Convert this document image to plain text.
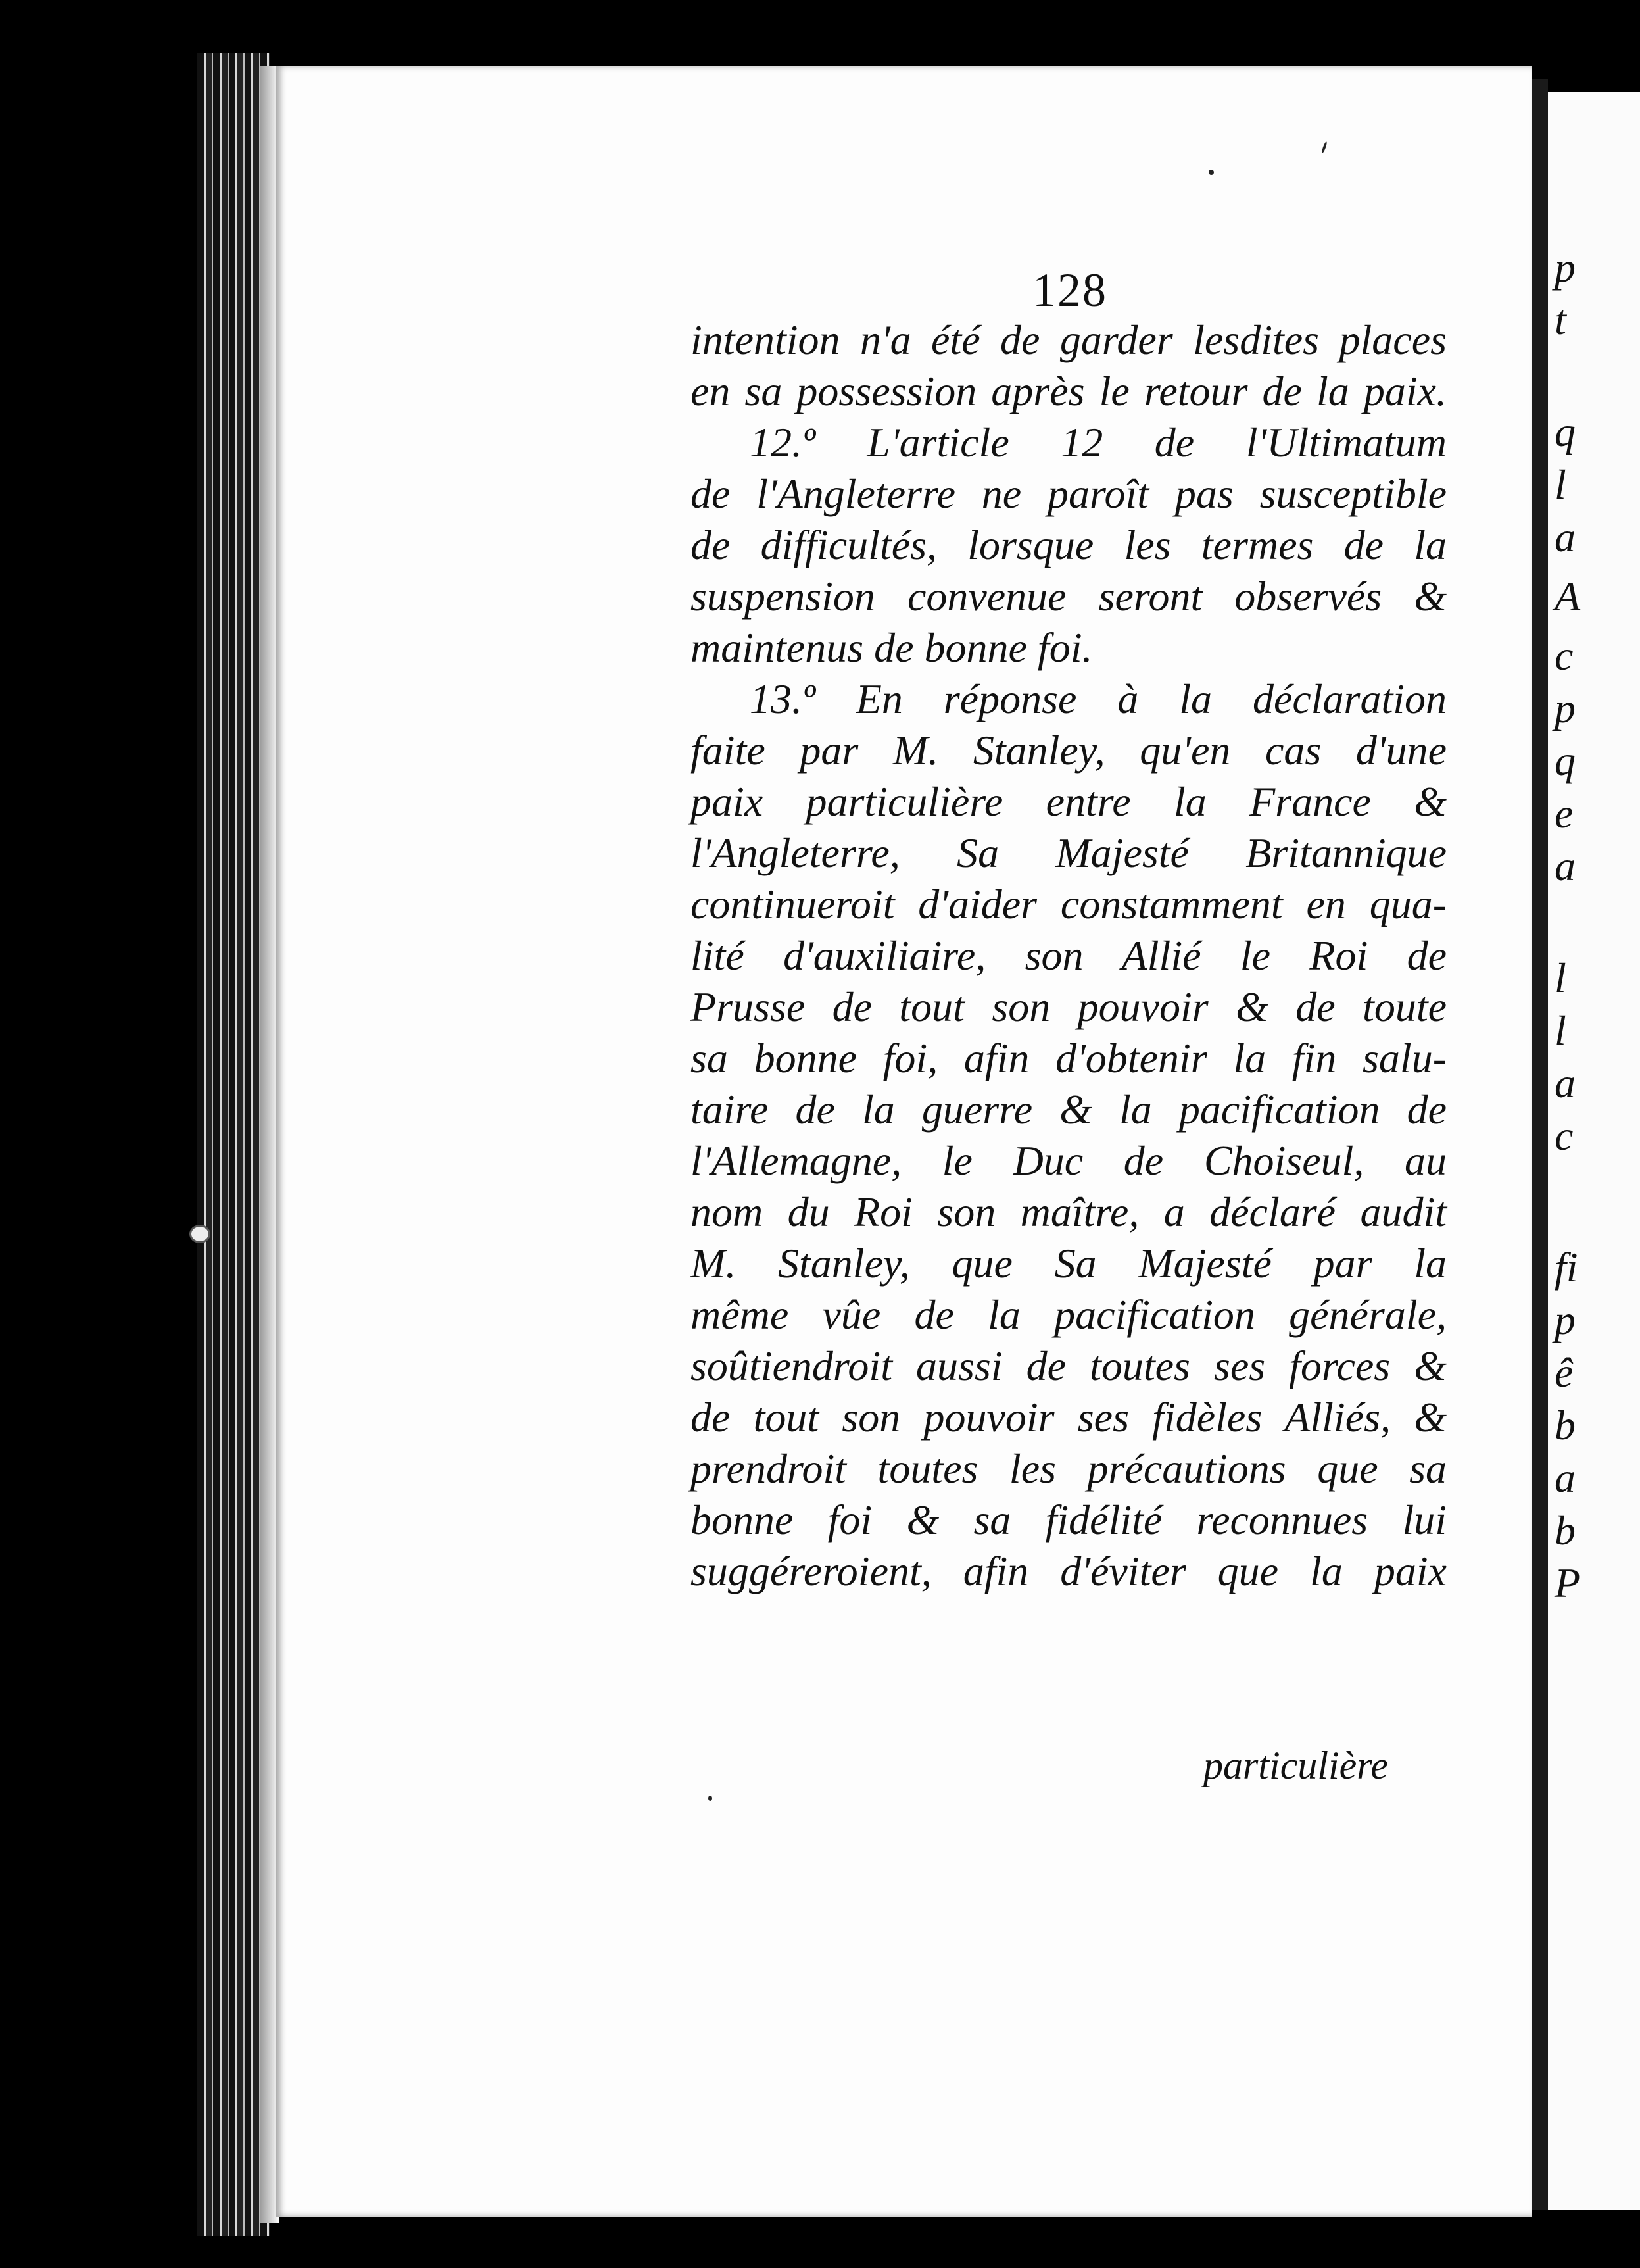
128
intention n'a été de garder lesdites places
en sa possession après le retour de la paix.
12.º L'article 12 de l'Ultimatum
de l'Angleterre ne paroît pas susceptible
de difficultés, lorsque les termes de la
suspension convenue seront observés &
maintenus de bonne foi.
13.º En réponse à la déclaration
faite par M. Stanley, qu'en cas d'une
paix particulière entre la France &
l'Angleterre, Sa Majesté Britannique
continueroit d'aider constamment en qua-
lité d'auxiliaire, son Allié le Roi de
Prusse de tout son pouvoir & de toute
sa bonne foi, afin d'obtenir la fin salu-
taire de la guerre & la pacification de
l'Allemagne, le Duc de Choiseul, au
nom du Roi son maître, a déclaré audit
M. Stanley, que Sa Majesté par la
même vûe de la pacification générale,
soûtiendroit aussi de toutes ses forces &
de tout son pouvoir ses fidèles Alliés, &
prendroit toutes les précautions que sa
bonne foi & sa fidélité reconnues lui
suggéreroient, afin d'éviter que la paix
particulière
p
t
q
l
a
A
c
p
q
e
a
l
l
a
c
fi
p
ê
b
a
b
P
